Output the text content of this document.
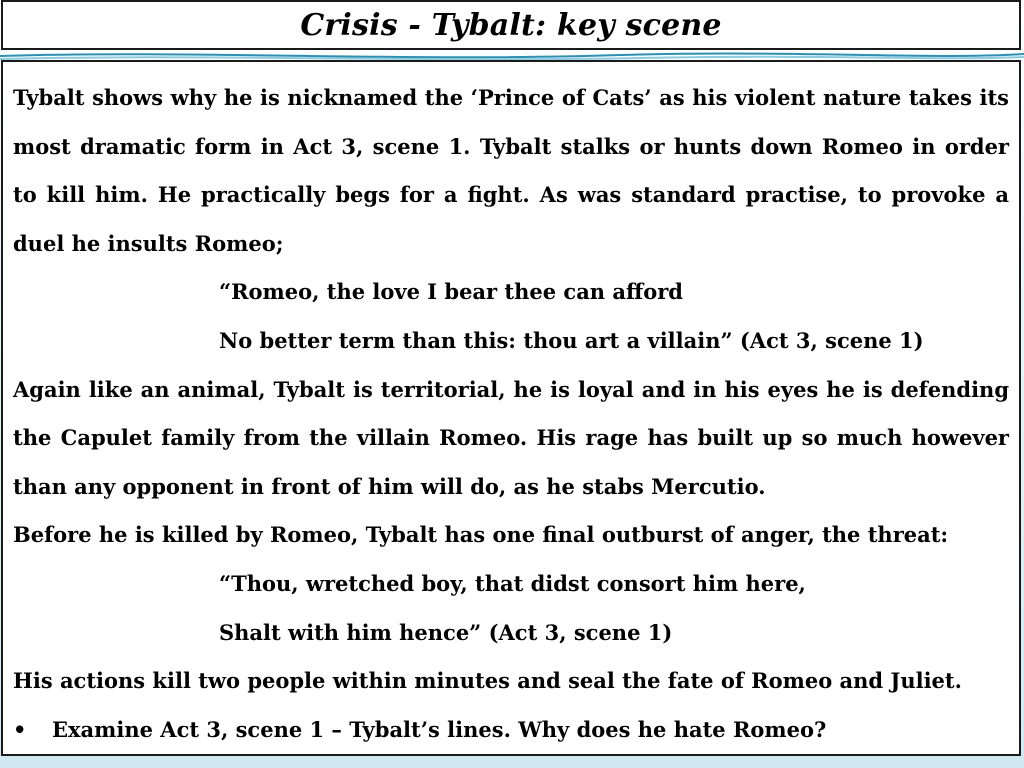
Crisis - Tybalt: key scene

Tybalt shows why he is nicknamed the ‘Prince of Cats’ as his violent nature takes its most dramatic form in Act 3, scene 1. Tybalt stalks or hunts down Romeo in order to kill him. He practically begs for a fight. As was standard practise, to provoke a duel he insults Romeo;

“Romeo, the love I bear thee can afford

No better term than this: thou art a villain” (Act 3, scene 1)

Again like an animal, Tybalt is territorial, he is loyal and in his eyes he is defending the Capulet family from the villain Romeo. His rage has built up so much however than any opponent in front of him will do, as he stabs Mercutio.

Before he is killed by Romeo, Tybalt has one final outburst of anger, the threat:

“Thou, wretched boy, that didst consort him here,

Shalt with him hence” (Act 3, scene 1)

His actions kill two people within minutes and seal the fate of Romeo and Juliet.

•	Examine Act 3, scene 1 – Tybalt’s lines. Why does he hate Romeo?
